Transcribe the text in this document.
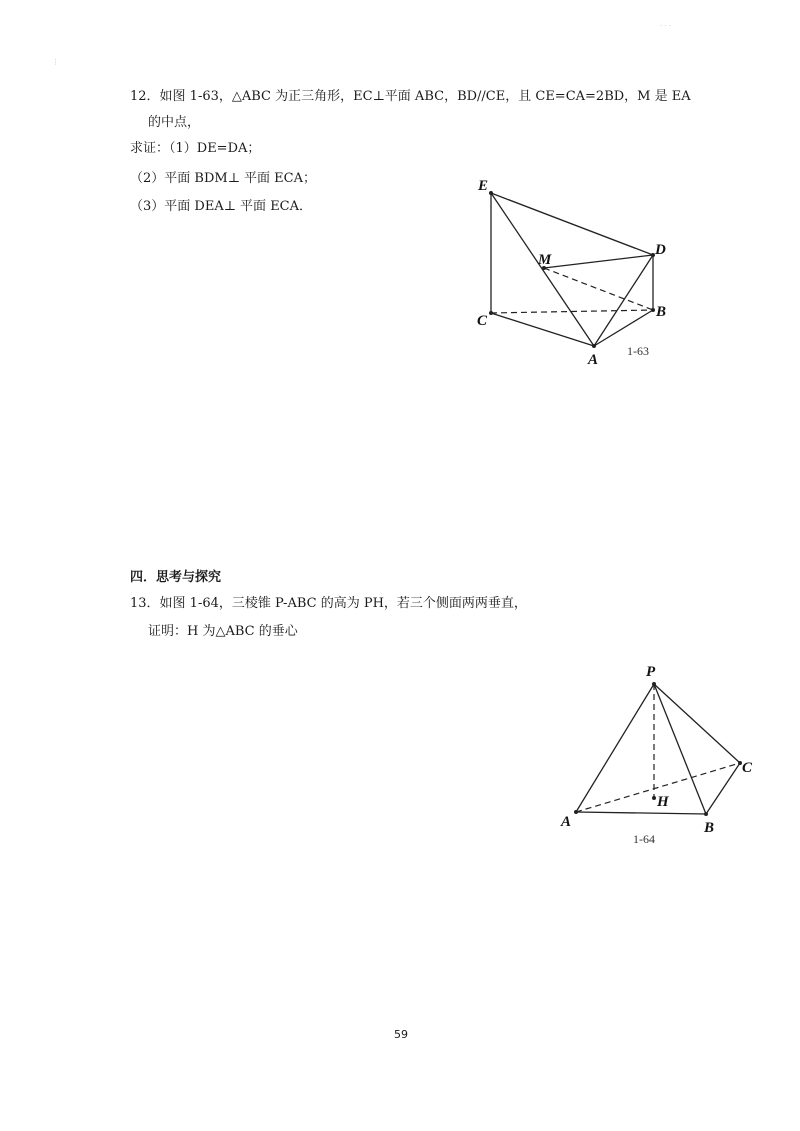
⋮
· · ·
12．如图 1-63，△ABC 为正三角形，EC⊥平面 ABC，BD//CE，且 CE=CA=2BD，M 是 EA
的中点，
求证：（1）DE=DA；
（2）平面 BDM⊥ 平面 ECA；
（3）平面 DEA⊥ 平面 ECA．
E
M
D
C
B
A
1-63
P
C
H
A	B
1-64
四．思考与探究
13．如图 1-64，三棱锥 P-ABC 的高为 PH，若三个侧面两两垂直，
证明：H 为△ABC 的垂心
59
